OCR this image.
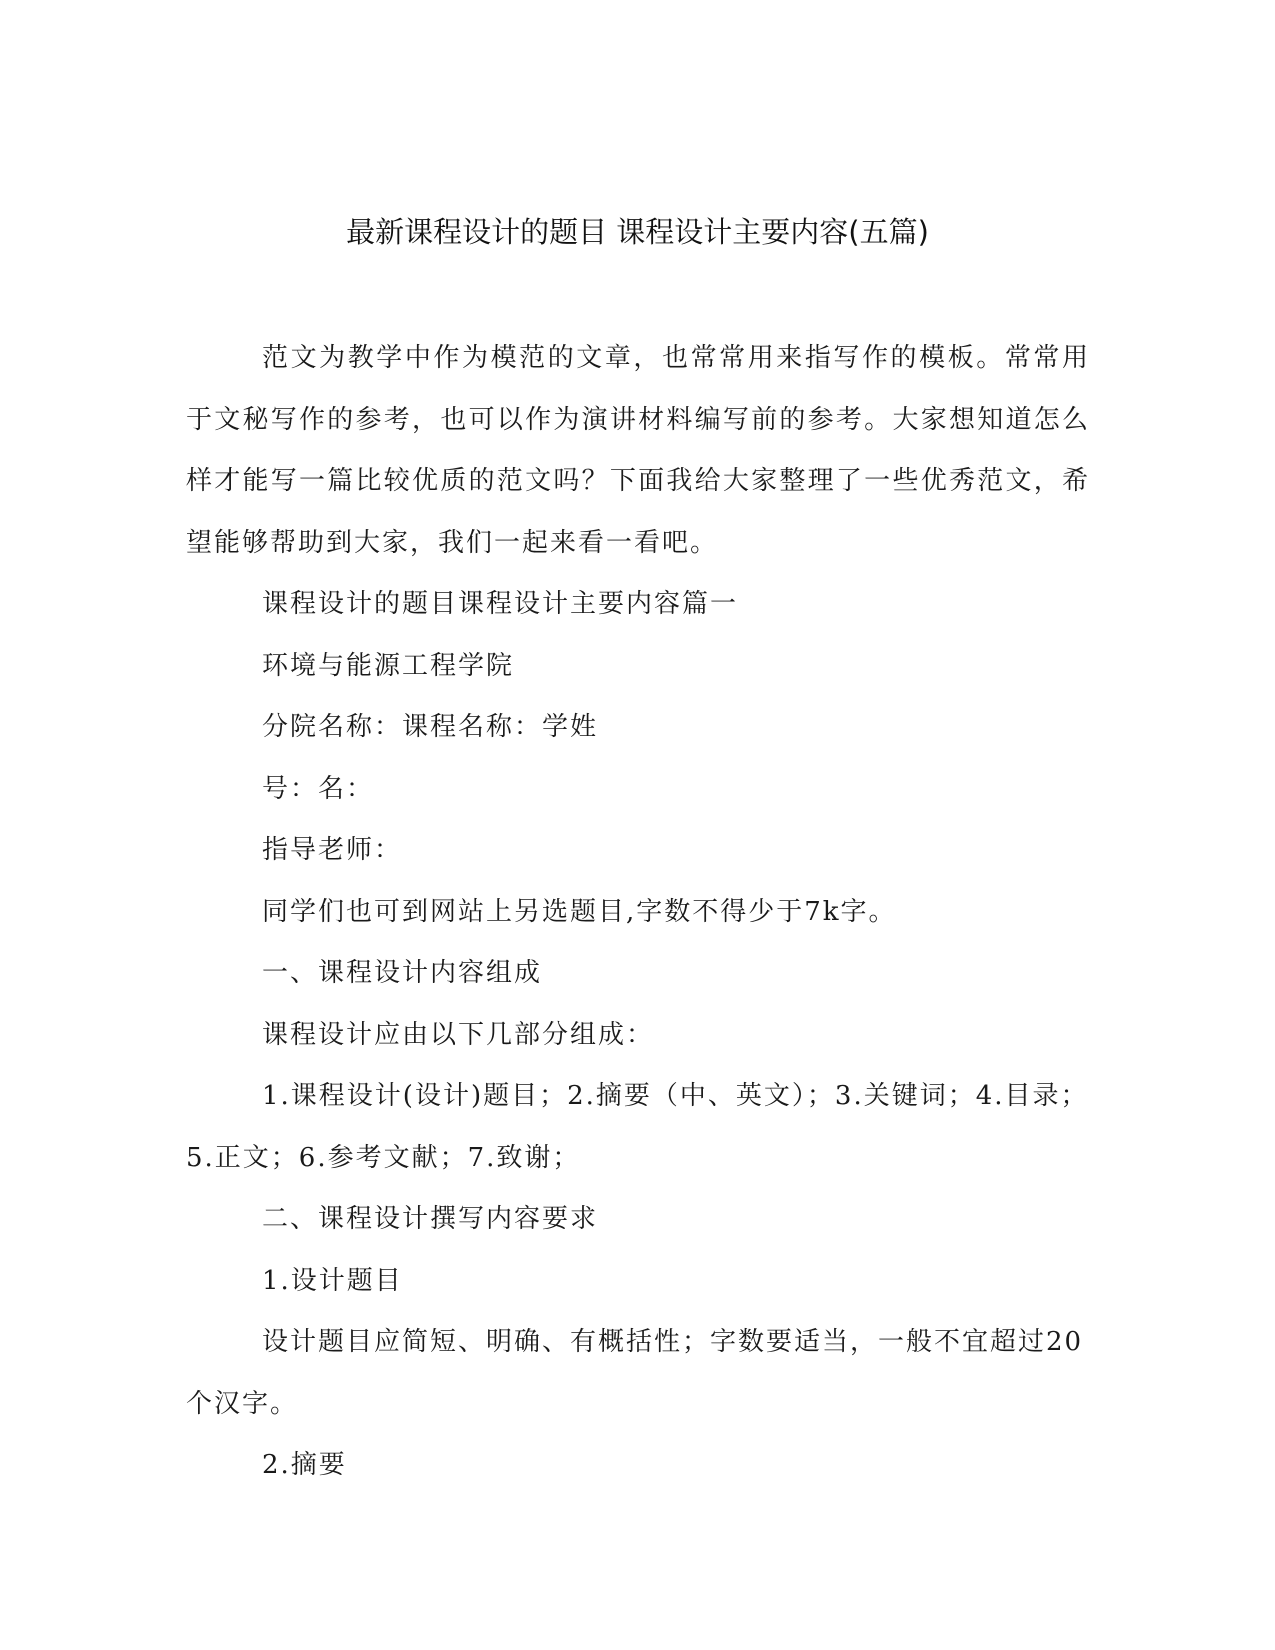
最新课程设计的题目 课程设计主要内容(五篇)

范文为教学中作为模范的文章，也常常用来指写作的模板。常常用于文秘写作的参考，也可以作为演讲材料编写前的参考。大家想知道怎么样才能写一篇比较优质的范文吗？下面我给大家整理了一些优秀范文，希望能够帮助到大家，我们一起来看一看吧。

课程设计的题目课程设计主要内容篇一

环境与能源工程学院

分院名称：课程名称：学姓

号：名：

指导老师：

同学们也可到网站上另选题目,字数不得少于7k字。

一、课程设计内容组成

课程设计应由以下几部分组成：

1.课程设计(设计)题目；2.摘要（中、英文）；3.关键词；4.目录；5.正文；6.参考文献；7.致谢；

二、课程设计撰写内容要求

1.设计题目

设计题目应简短、明确、有概括性；字数要适当，一般不宜超过20个汉字。

2.摘要
